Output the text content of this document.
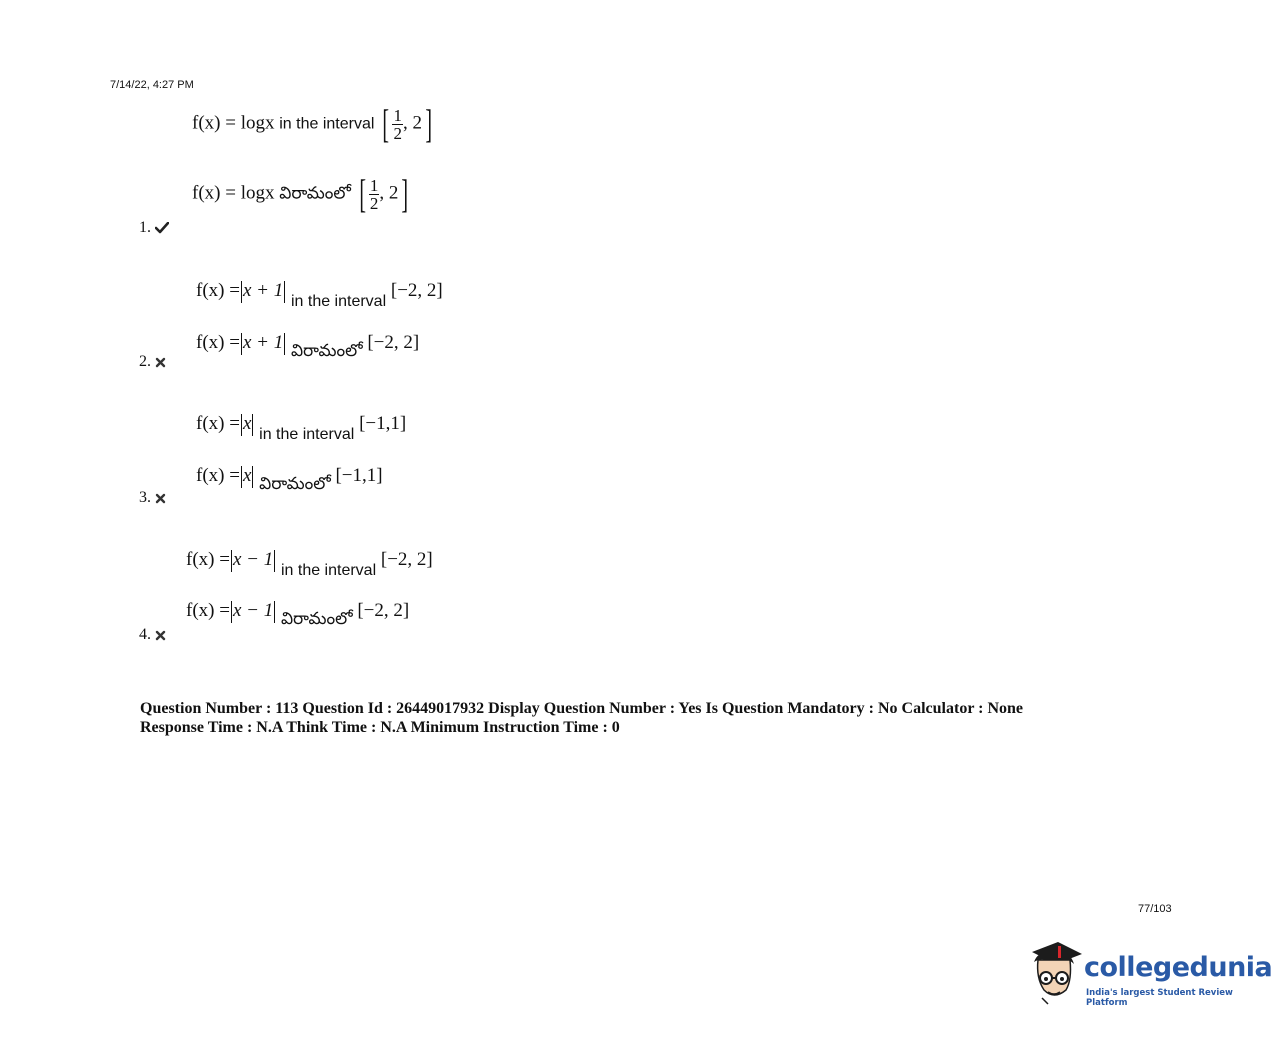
7/14/22, 4:27 PM
f(x) = logx in the interval [ $\frac{1}{2}$ , 2]
f(x) = logx విరామంలో [ $\frac{1}{2}$ , 2]
1.
f(x) = x + 1 $_{in the interval}$ [−2, 2]
f(x) = x + 1 విరామంలో [−2, 2]
2.
f(x) = x $_{in the interval}$ [−1,1]
f(x) = x విరామంలో [−1,1]
3.
f(x) = x − 1 $_{in the interval}$ [−2, 2]
f(x) = x − 1 విరామంలో [−2, 2]
4.
Question Number : 113 Question Id : 26449017932 Display Question Number : Yes Is Question Mandatory : No Calculator : None
Response Time : N.A Think Time : N.A Minimum Instruction Time : 0
77/103
collegedunia
India's largest Student Review Platform
